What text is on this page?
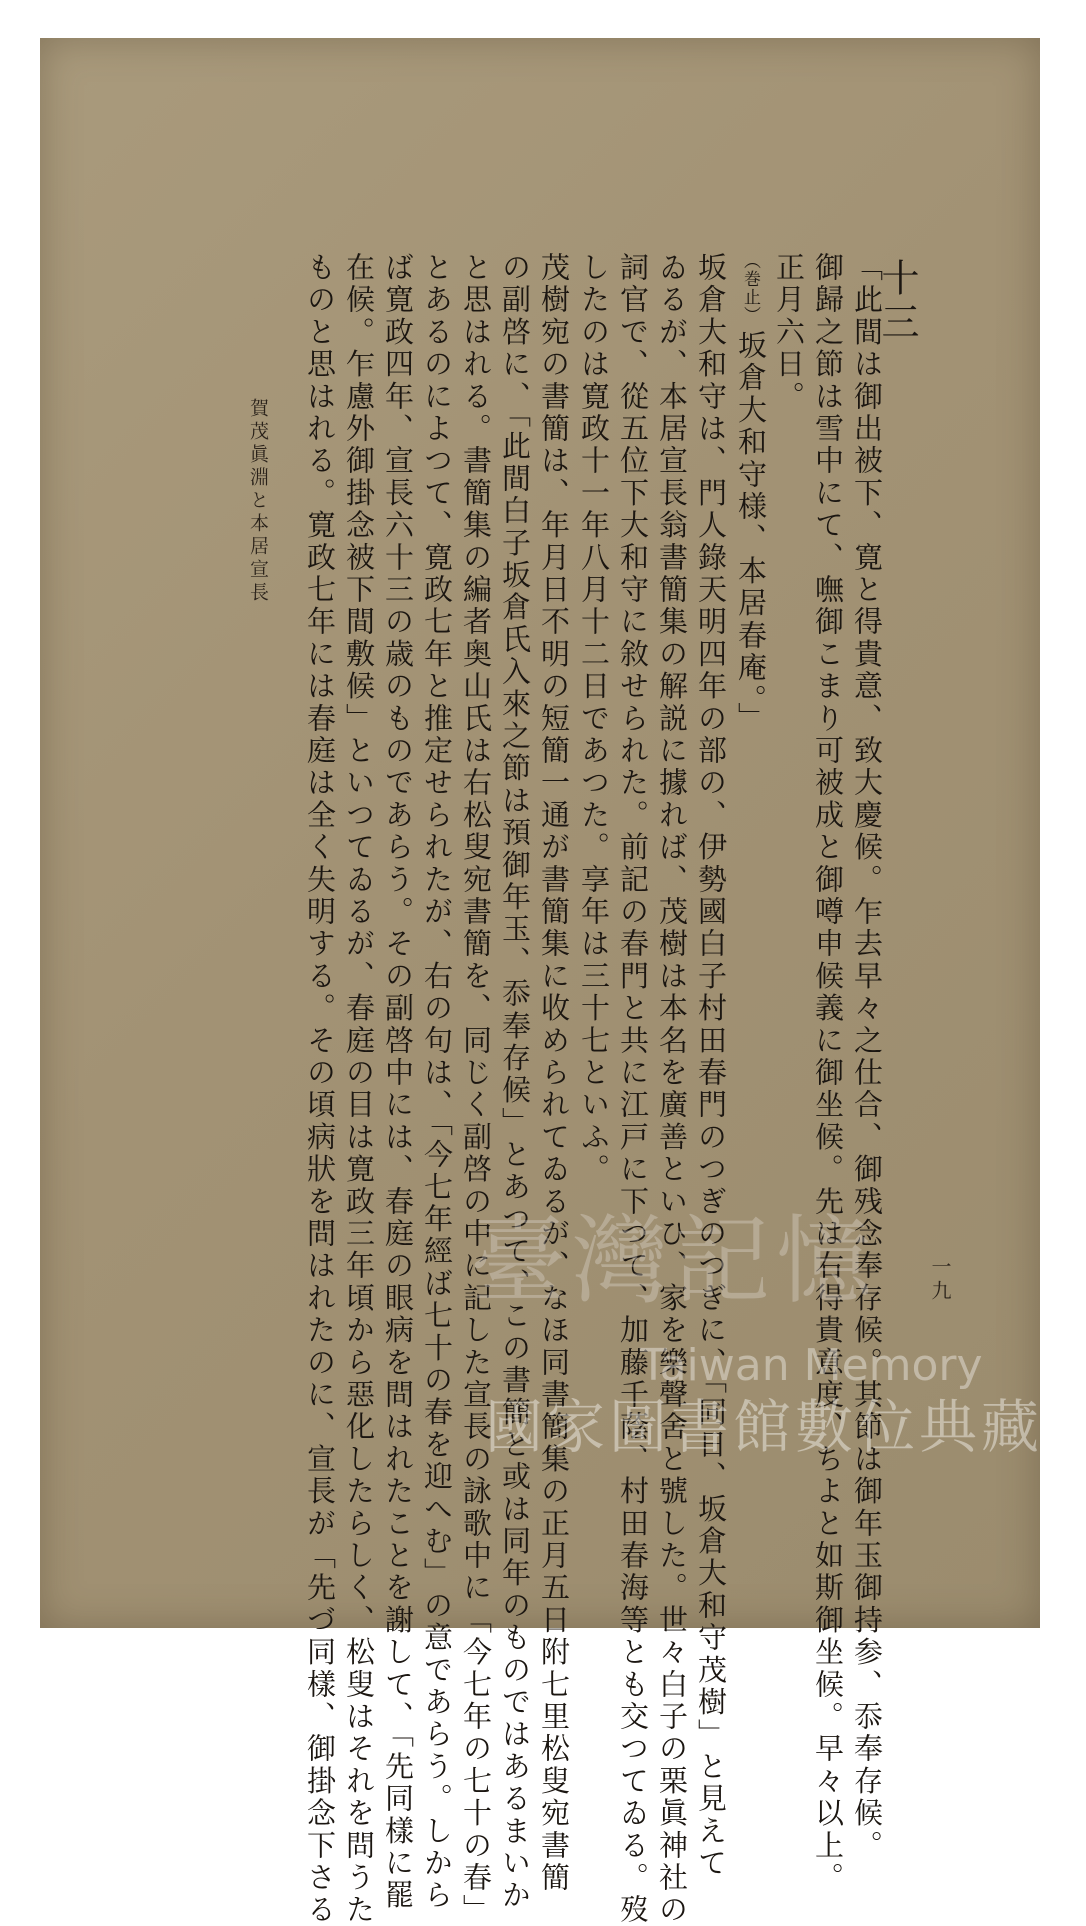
十三
「此間は御出被下、寛と得貴意、致大慶候。乍去早々之仕合、御残念奉存候。其節は御年玉御持参、忝奉存候。
御歸之節は雪中にて、嘸御こまり可被成と御噂申候義に御坐候。先は右得貴意度、ちよと如斯御坐候。早々以上。
正月六日。
（巻止）
坂倉大和守様、本居春庵。」
坂倉大和守は、門人錄天明四年の部の、伊勢國白子村田春門のつぎのつぎに、「同日、坂倉大和守茂樹」と見えて
ゐるが、本居宣長翁書簡集の解説に據れば、茂樹は本名を廣善といひ、家を樂聲舍と號した。世々白子の栗眞神社の
詞官で、從五位下大和守に敘せられた。前記の春門と共に江戸に下つて、加藤千蔭、村田春海等とも交つてゐる。歿
したのは寛政十一年八月十二日であつた。享年は三十七といふ。
茂樹宛の書簡は、年月日不明の短簡一通が書簡集に收められてゐるが、なほ同書簡集の正月五日附七里松叟宛書簡
の副啓に、「此間白子坂倉氏入來之節は預御年玉、忝奉存候」とあつて、この書簡と或は同年のものではあるまいか
と思はれる。書簡集の編者奥山氏は右松叟宛書簡を、同じく副啓の中に記した宣長の詠歌中に「今七年の七十の春」
とあるのによつて、寛政七年と推定せられたが、右の句は、「今七年經ば七十の春を迎へむ」の意であらう。しから
ば寛政四年、宣長六十三の歳のものであらう。その副啓中には、春庭の眼病を問はれたことを謝して、「先同樣に罷
在候。乍慮外御掛念被下間敷候」といつてゐるが、春庭の目は寛政三年頃から惡化したらしく、松叟はそれを問うた
ものと思はれる。寛政七年には春庭は全く失明する。その頃病狀を問はれたのに、宣長が「先づ同樣、御掛念下さる
賀茂眞淵と本居宣長
一九
臺灣記憶
Taiwan Memory
國家圖書館數位典藏
